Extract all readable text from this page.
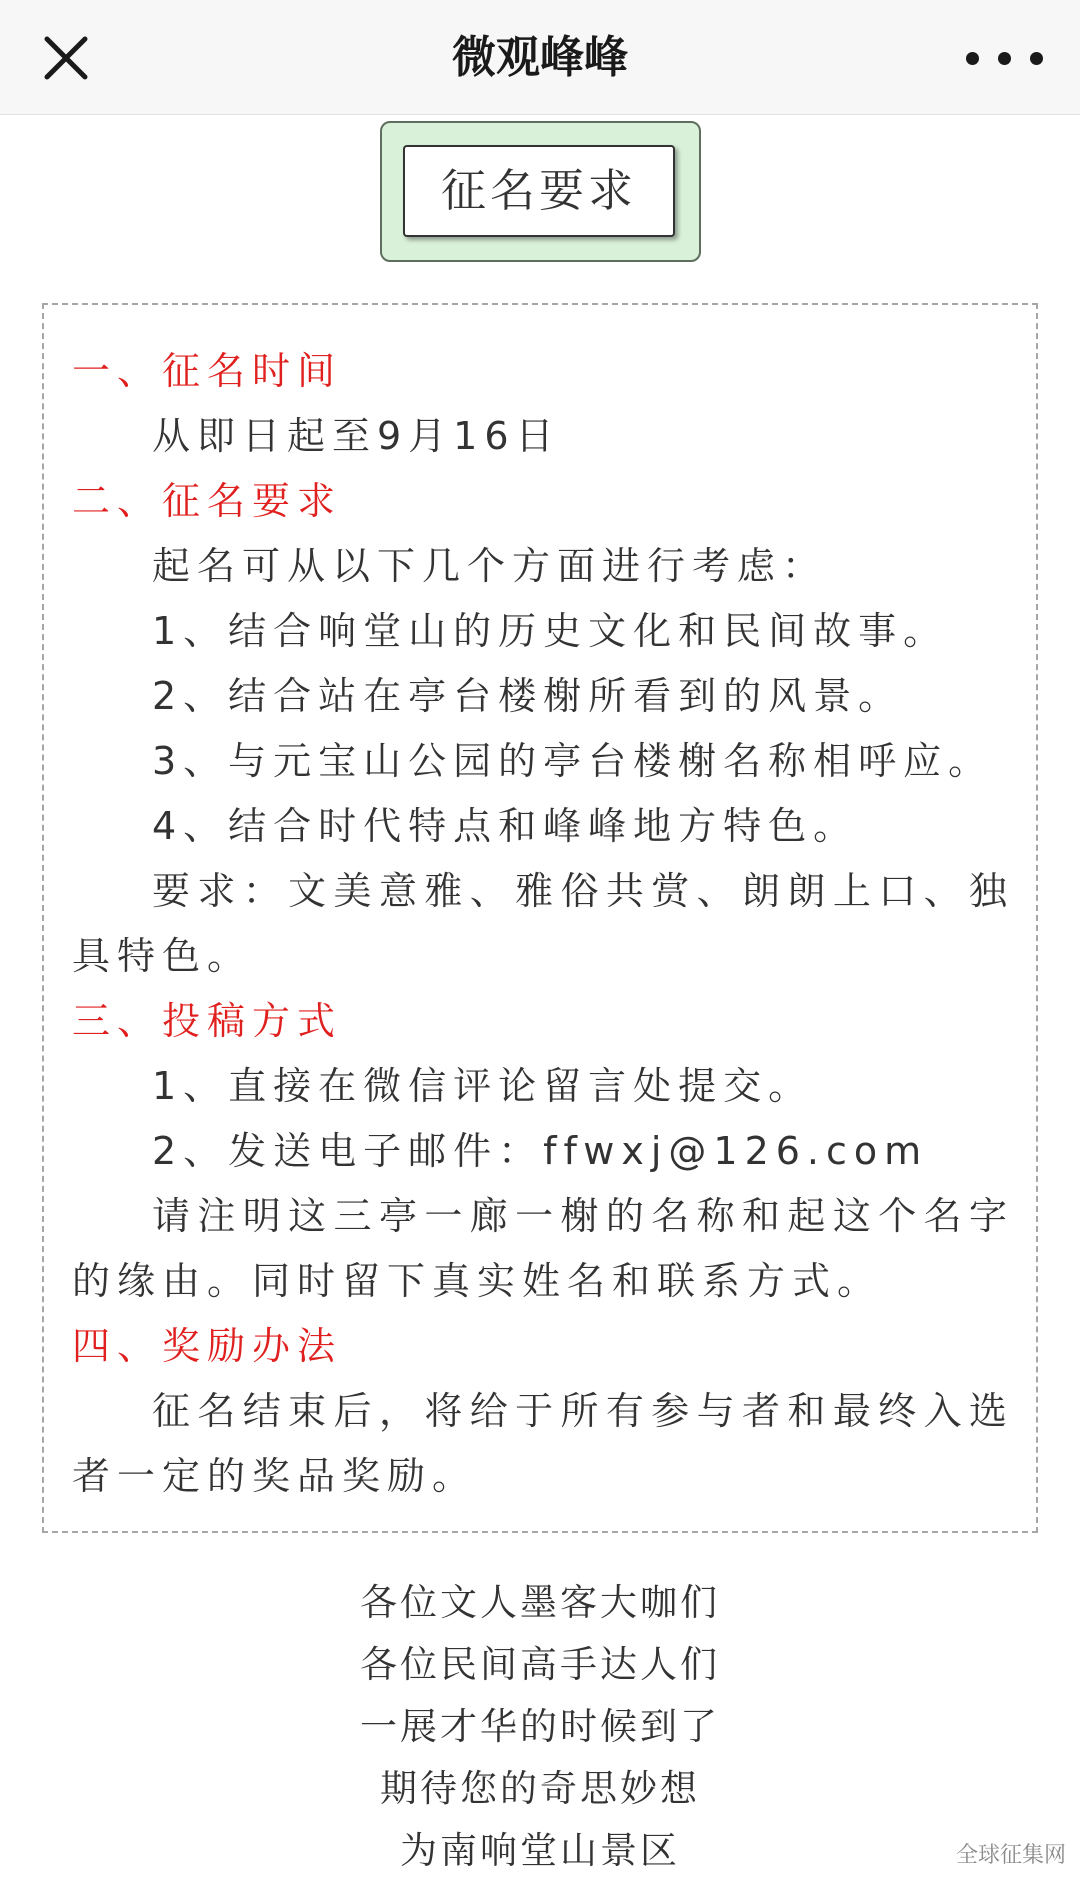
微观峰峰
征名要求

一、征名时间

从即日起至9月16日

二、征名要求

起名可从以下几个方面进行考虑：

1、结合响堂山的历史文化和民间故事。

2、结合站在亭台楼榭所看到的风景。

3、与元宝山公园的亭台楼榭名称相呼应。

4、结合时代特点和峰峰地方特色。

要求：文美意雅、雅俗共赏、朗朗上口、独具特色。

三、投稿方式

1、直接在微信评论留言处提交。

2、发送电子邮件：ffwxj@126.com

请注明这三亭一廊一榭的名称和起这个名字的缘由。同时留下真实姓名和联系方式。

四、奖励办法

征名结束后，将给于所有参与者和最终入选者一定的奖品奖励。

各位文人墨客大咖们
各位民间高手达人们
一展才华的时候到了
期待您的奇思妙想
为南响堂山景区	全球征集网
